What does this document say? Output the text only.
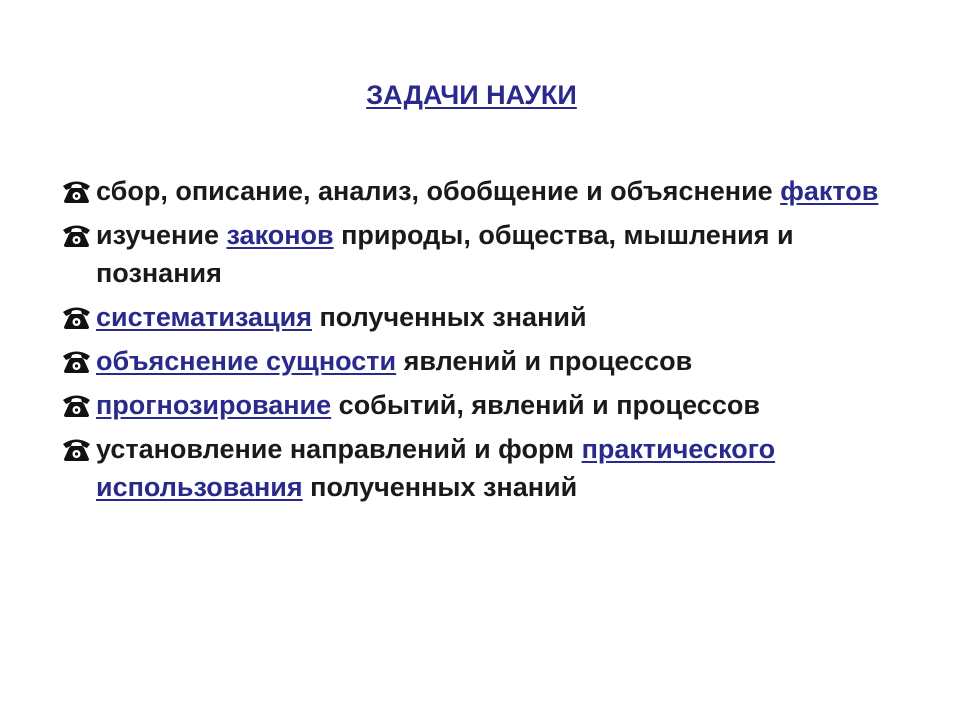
ЗАДАЧИ НАУКИ
сбор, описание, анализ, обобщение и объяснение фактов
изучение законов природы, общества, мышления и познания
систематизация полученных знаний
объяснение сущности явлений и процессов
прогнозирование событий, явлений и процессов
установление направлений и форм практического использования полученных знаний
